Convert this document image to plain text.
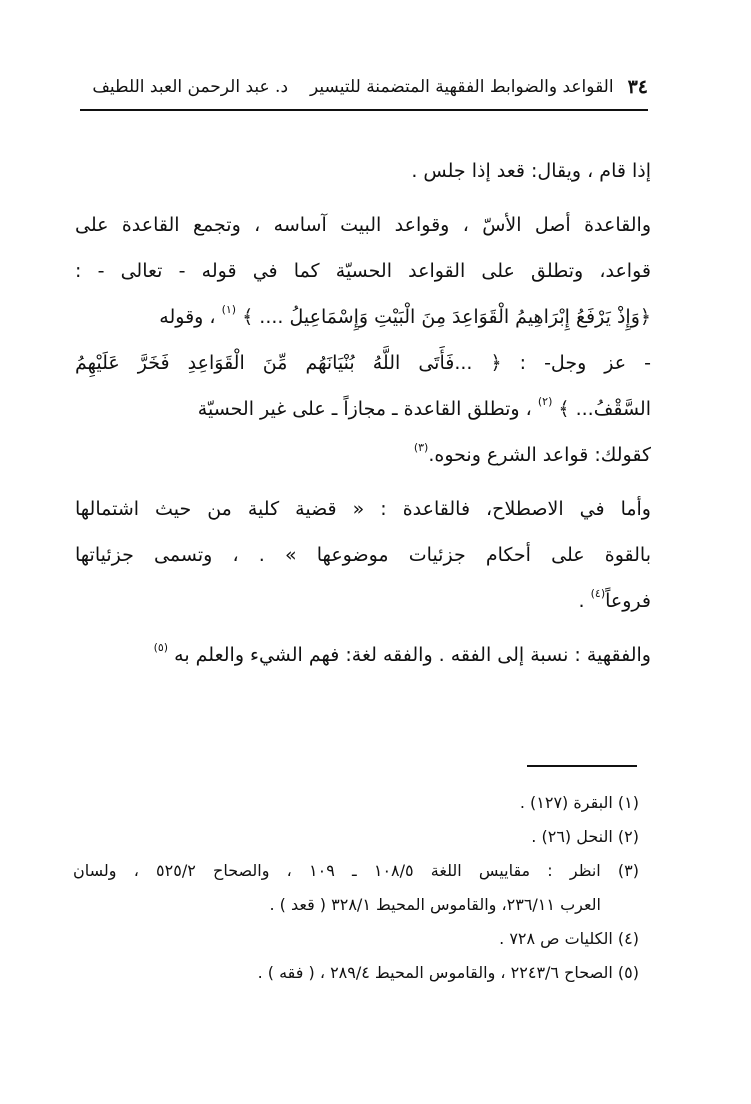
٣٤
القواعد والضوابط الفقهية المتضمنة للتيسير
د. عبد الرحمن العبد اللطيف
إذا قام ، ويقال: قعد إذا جلس .
والقاعدة أصل الأسّ ، وقواعد البيت آساسه ، وتجمع القاعدة على
قواعد، وتطلق على القواعد الحسيّة كما في قوله - تعالى - :
﴿وَإِذْ يَرْفَعُ إِبْرَاهِيمُ الْقَوَاعِدَ مِنَ الْبَيْتِ وَإِسْمَاعِيلُ .... ﴾ $^{(١)}$ ، وقوله
- عز وجل- : ﴿ ...فَأَتَى اللَّهُ بُنْيَانَهُم مِّنَ الْقَوَاعِدِ فَخَرَّ عَلَيْهِمُ
السَّقْفُ... ﴾ $^{(٢)}$ ، وتطلق القاعدة ـ مجازاً ـ على غير الحسيّة
كقولك: قواعد الشرع ونحوه.$^{(٣)}$
وأما في الاصطلاح، فالقاعدة : « قضية كلية من حيث اشتمالها
بالقوة على أحكام جزئيات موضوعها » . ، وتسمى جزئياتها
فروعاً$^{(٤)}$ .
والفقهية : نسبة إلى الفقه . والفقه لغة: فهم الشيء والعلم به $^{(٥)}$
(١) البقرة (١٢٧) .
(٢) النحل (٢٦) .
(٣) انظر : مقاييس اللغة ١٠٨/٥ ـ ١٠٩ ، والصحاح ٥٢٥/٢ ، ولسان
العرب ٢٣٦/١١، والقاموس المحيط ٣٢٨/١ ( قعد ) .
(٤) الكليات ص ٧٢٨ .
(٥) الصحاح ٢٢٤٣/٦ ، والقاموس المحيط ٢٨٩/٤ ، ( فقه ) .
